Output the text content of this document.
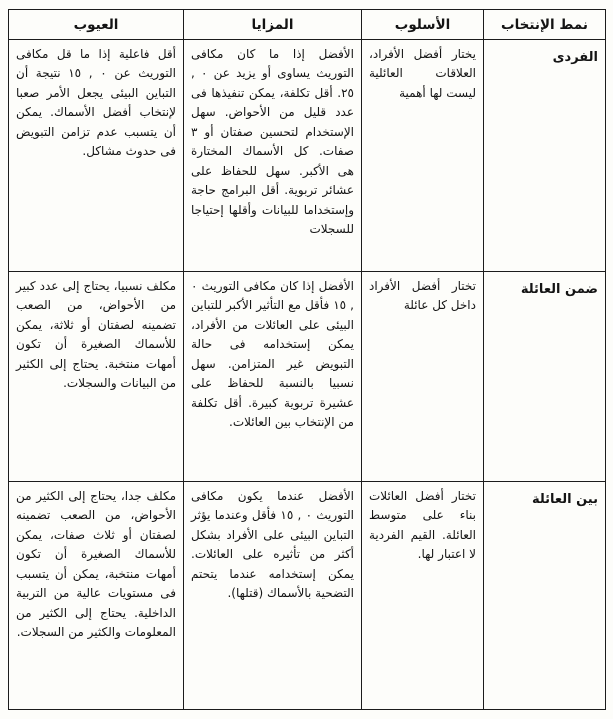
نمط الإنتخاب	الأسلوب	المزايا	العيوب
الفردى	يختار أفضل الأفراد، العلاقات العائلية ليست لها أهمية	الأفضل إذا ما كان مكافى التوريث يساوى أو يزيد عن ٠ , ٢٥. أقل تكلفة، يمكن تنفيذها فى عدد قليل من الأحواض. سهل الإستخدام لتحسين صفتان أو ٣ صفات. كل الأسماك المختارة هى الأكبر. سهل للحفاظ على عشائر تربوية. أقل البرامج حاجة وإستخداما للبيانات وأقلها إحتياجا للسجلات	أقل فاعلية إذا ما قل مكافى التوريث عن ٠ , ١٥ نتيجة أن التباين البيئى يجعل الأمر صعبا لإنتخاب أفضل الأسماك. يمكن أن يتسبب عدم تزامن التبويض فى حدوث مشاكل.
ضمن العائلة	تختار أفضل الأفراد داخل كل عائلة	الأفضل إذا كان مكافى التوريث ٠ , ١٥ فأقل مع التأثير الأكبر للتباين البيئى على العائلات من الأفراد، يمكن إستخدامه فى حالة التبويض غير المتزامن. سهل نسبيا بالنسبة للحفاظ على عشيرة تربوية كبيرة. أقل تكلفة من الإنتخاب بين العائلات.	مكلف نسبيا، يحتاج إلى عدد كبير من الأحواض، من الصعب تضمينه لصفتان أو ثلاثة، يمكن للأسماك الصغيرة أن تكون أمهات منتخبة. يحتاج إلى الكثير من البيانات والسجلات.
بين العائلة	تختار أفضل العائلات بناء على متوسط العائلة. القيم الفردية لا اعتبار لها.	الأفضل عندما يكون مكافى التوريث ٠ , ١٥ فأقل وعندما يؤثر التباين البيئى على الأفراد بشكل أكثر من تأثيره على العائلات. يمكن إستخدامه عندما يتحتم التضحية بالأسماك (قتلها).	مكلف جدا، يحتاج إلى الكثير من الأحواض، من الصعب تضمينه لصفتان أو ثلاث صفات، يمكن للأسماك الصغيرة أن تكون أمهات منتخبة، يمكن أن يتسبب فى مستويات عالية من التربية الداخلية. يحتاج إلى الكثير من المعلومات والكثير من السجلات.
